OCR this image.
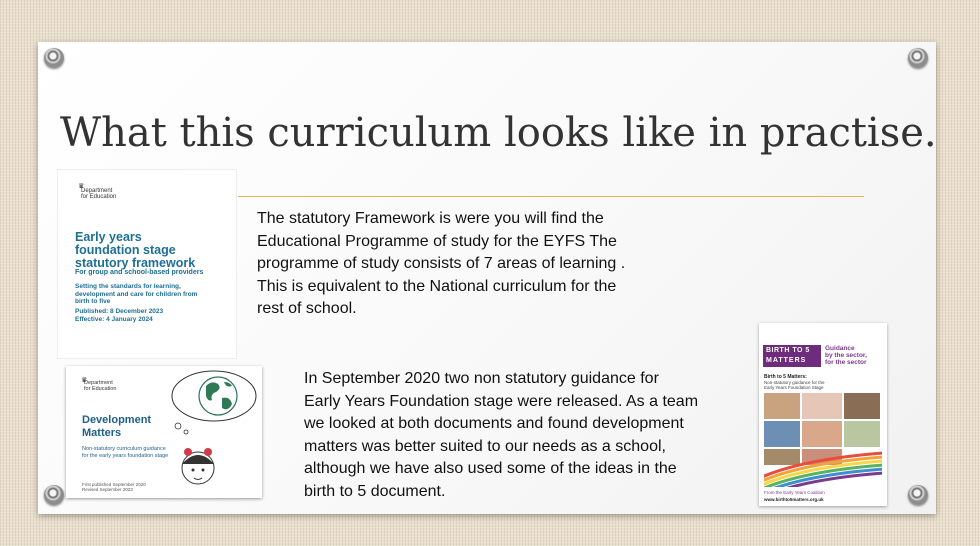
What this curriculum looks like in practise.
♛
Department
for Education
Early years
foundation stage
statutory framework
For group and school-based providers
Setting the standards for learning,
development and care for children from
birth to five
Published: 8 December 2023
Effective: 4 January 2024
The statutory Framework is were you will find the
Educational Programme of study for the EYFS The
programme of study consists of 7 areas of learning .
This is equivalent to the National curriculum for the
rest of school.
♛
Department
for Education
Development
Matters
Non-statutory curriculum guidance
for the early years foundation stage
First published September 2020
Revised September 2023
In September 2020 two non statutory guidance for
Early Years Foundation stage were released. As a team
we looked at both documents and found development
matters was better suited to our needs as a school,
although we have also used some of the ideas in the
birth to 5 document.
BIRTH TO 5
MATTERS
Guidance
by the sector,
for the sector
Birth to 5 Matters:
Non-statutory guidance for the
Early Years Foundation Stage
From the Early Years Coalition
www.birthto5matters.org.uk
